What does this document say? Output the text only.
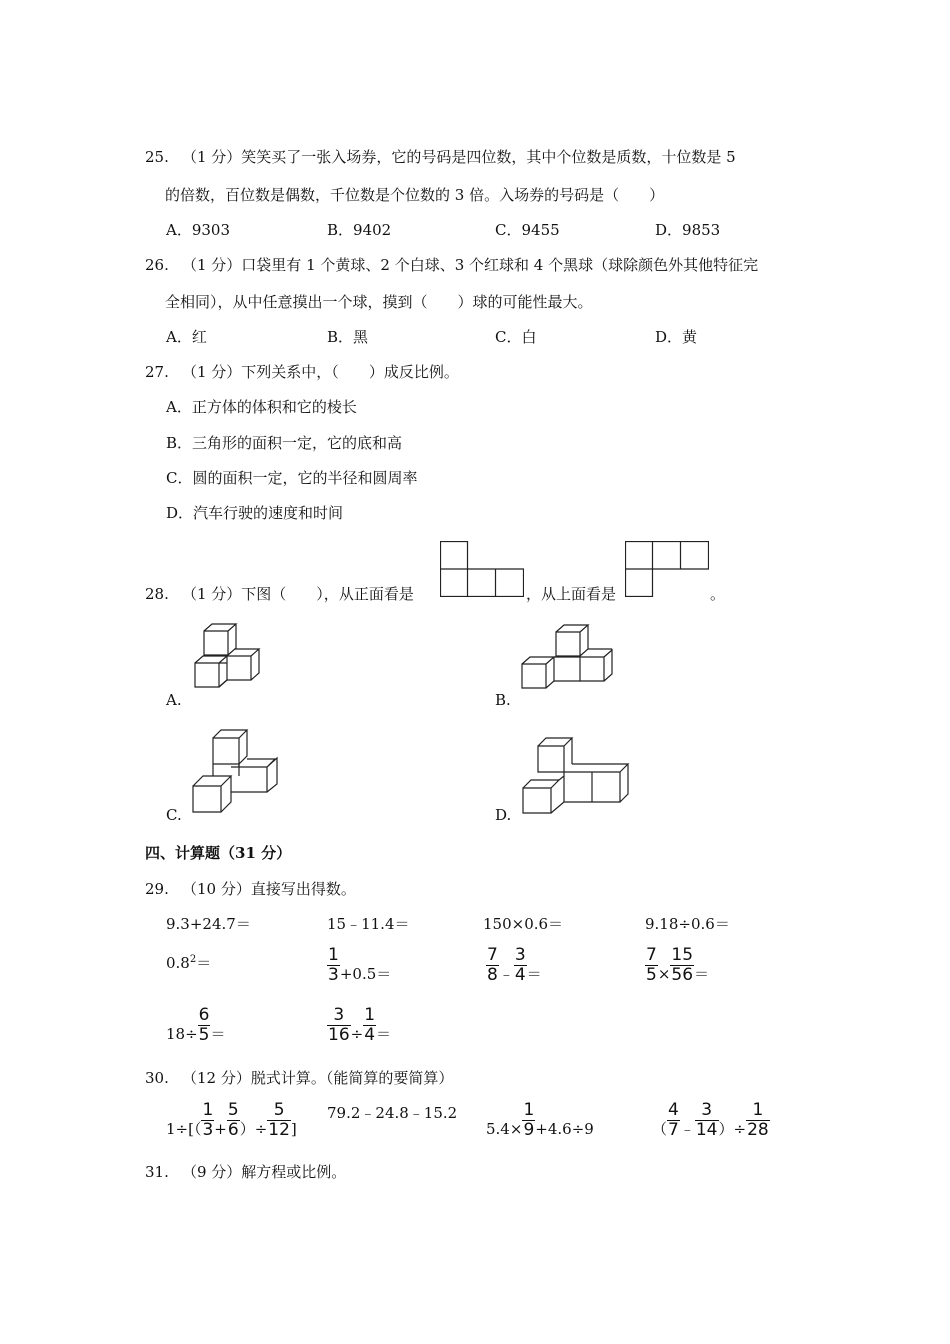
25. （1 分）笑笑买了一张入场券，它的号码是四位数，其中个位数是质数，十位数是 5
的倍数，百位数是偶数，千位数是个位数的 3 倍。入场券的号码是（　　）
A．9303	B．9402	C．9455	D．9853
26. （1 分）口袋里有 1 个黄球、2 个白球、3 个红球和 4 个黑球（球除颜色外其他特征完
全相同），从中任意摸出一个球，摸到（　　）球的可能性最大。
A．红	B．黑	C．白	D．黄
27. （1 分）下列关系中，（　　）成反比例。
A．正方体的体积和它的棱长
B．三角形的面积一定，它的底和高
C．圆的面积一定，它的半径和圆周率
D．汽车行驶的速度和时间
28. （1 分）下图（　　），从正面看是	，从上面看是	。
A.	B.
C.	D.
四、计算题（31 分）
29. （10 分）直接写出得数。
9.3+24.7＝	15﹣11.4＝	150×0.6＝	9.18÷0.6＝
$0.8^2=$	$\frac{1}{3} +0.5=$	$\frac{7}{8}$ ﹣ $\frac{3}{4}$ ＝	$\frac{7}{5} \times \frac{15}{56}$ ＝
$18\div \frac{6}{5}$ ＝	$\frac{3}{16} \div \frac{1}{4}$ ＝
30. （12 分）脱式计算。（能简算的要简算）
$1\div[( \frac{1}{3} + \frac{5}{6}$ ）÷ $\frac{5}{12}$ ]
79.2﹣24.8﹣15.2
$5.4\times \frac{1}{9} +4.6\div 9$	（ $\frac{4}{7}$ ﹣ $\frac{3}{14}$ ）÷ $\frac{1}{28}$
31. （9 分）解方程或比例。
